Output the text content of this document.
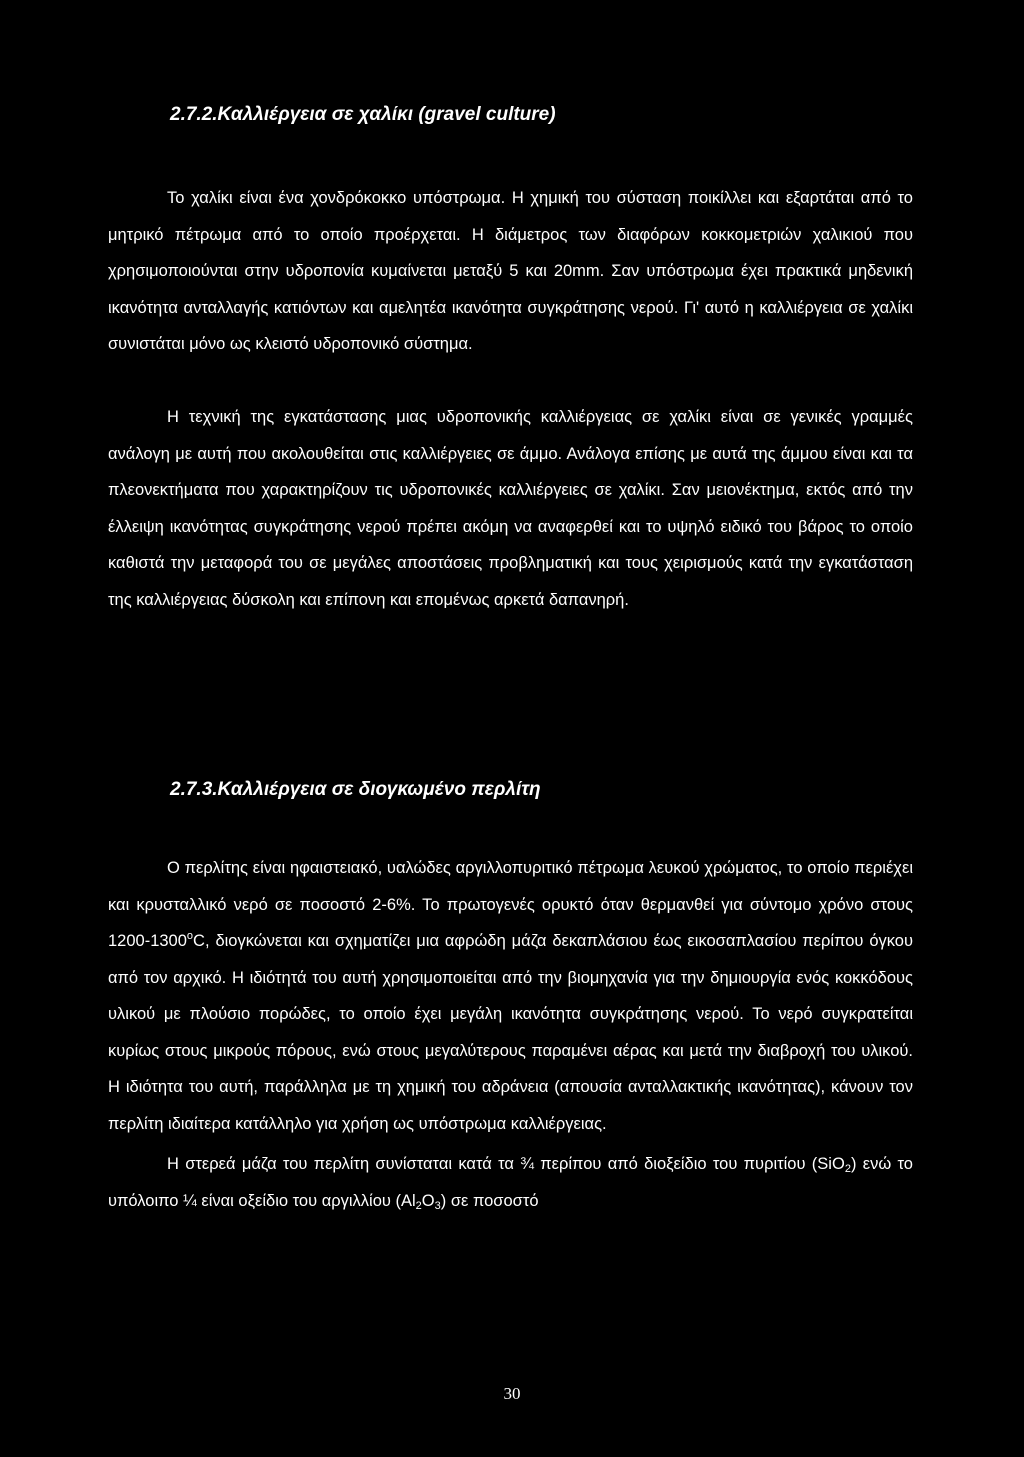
2.7.2.Καλλιέργεια σε χαλίκι (gravel culture)
Το χαλίκι είναι ένα χονδρόκοκκο υπόστρωμα. Η χημική του σύσταση ποικίλλει και εξαρτάται από το μητρικό πέτρωμα από το οποίο προέρχεται. Η διάμετρος των διαφόρων κοκκομετριών χαλικιού που χρησιμοποιούνται στην υδροπονία κυμαίνεται μεταξύ 5 και 20mm. Σαν υπόστρωμα έχει πρακτικά μηδενική ικανότητα ανταλλαγής κατιόντων και αμελητέα ικανότητα συγκράτησης νερού. Γι' αυτό η καλλιέργεια σε χαλίκι συνιστάται μόνο ως κλειστό υδροπονικό σύστημα.
Η τεχνική της εγκατάστασης μιας υδροπονικής καλλιέργειας σε χαλίκι είναι σε γενικές γραμμές ανάλογη με αυτή που ακολουθείται στις καλλιέργειες σε άμμο. Ανάλογα επίσης με αυτά της άμμου είναι και τα πλεονεκτήματα που χαρακτηρίζουν τις υδροπονικές καλλιέργειες σε χαλίκι. Σαν μειονέκτημα, εκτός από την έλλειψη ικανότητας συγκράτησης νερού πρέπει ακόμη να αναφερθεί και το υψηλό ειδικό του βάρος το οποίο καθιστά την μεταφορά του σε μεγάλες αποστάσεις προβληματική και τους χειρισμούς κατά την εγκατάσταση της καλλιέργειας δύσκολη και επίπονη και επομένως αρκετά δαπανηρή.
2.7.3.Καλλιέργεια σε διογκωμένο περλίτη
Ο περλίτης είναι ηφαιστειακό, υαλώδες αργιλλοπυριτικό πέτρωμα λευκού χρώματος, το οποίο περιέχει και κρυσταλλικό νερό σε ποσοστό 2-6%. Το πρωτογενές ορυκτό όταν θερμανθεί για σύντομο χρόνο στους 1200-1300$^o$C, διογκώνεται και σχηματίζει μια αφρώδη μάζα δεκαπλάσιου έως εικοσαπλασίου περίπου όγκου από τον αρχικό. Η ιδιότητά του αυτή χρησιμοποιείται από την βιομηχανία για την δημιουργία ενός κοκκόδους υλικού με πλούσιο πορώδες, το οποίο έχει μεγάλη ικανότητα συγκράτησης νερού. Το νερό συγκρατείται κυρίως στους μικρούς πόρους, ενώ στους μεγαλύτερους παραμένει αέρας και μετά την διαβροχή του υλικού. Η ιδιότητα του αυτή, παράλληλα με τη χημική του αδράνεια (απουσία ανταλλακτικής ικανότητας), κάνουν τον περλίτη ιδιαίτερα κατάλληλο για χρήση ως υπόστρωμα καλλιέργειας.
Η στερεά μάζα του περλίτη συνίσταται κατά τα ¾ περίπου από διοξείδιο του πυριτίου (SiO$_2$) ενώ το υπόλοιπο ¼ είναι οξείδιο του αργιλλίου $(Al_2O_3)$ σε ποσοστό
30
